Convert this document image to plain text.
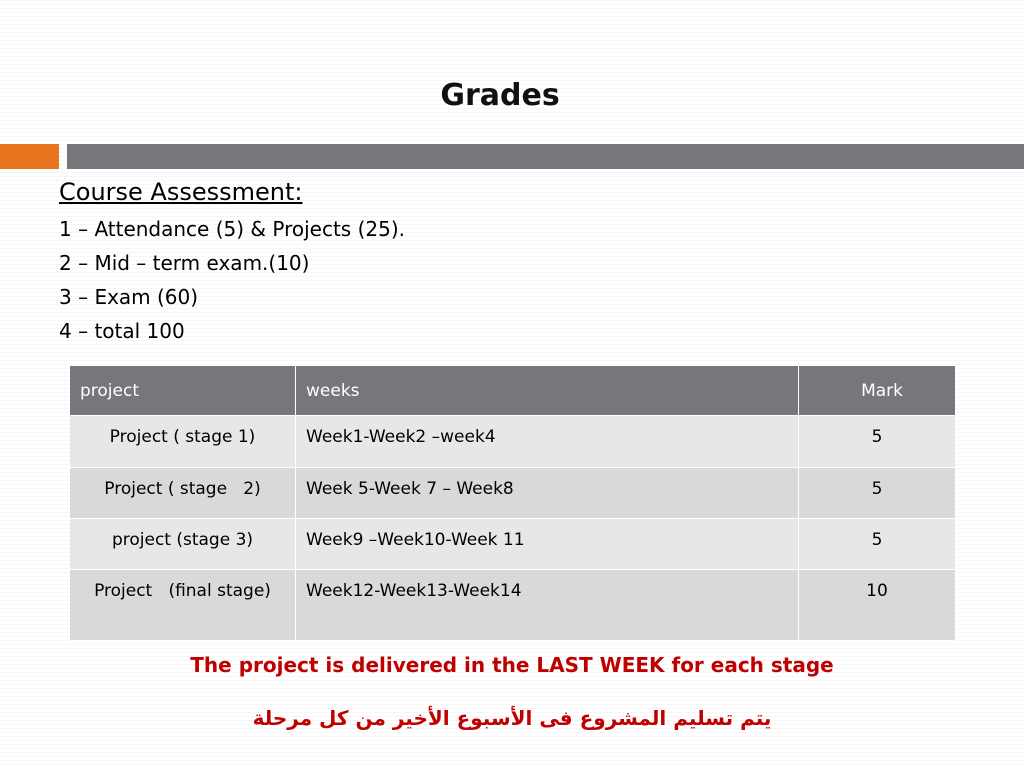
Grades
Course Assessment:
1 – Attendance (5) & Projects (25).
2 – Mid – term exam.(10)
3 – Exam (60)
4 – total 100
project	weeks	Mark
Project ( stage 1)	Week1-Week2 –week4	5
Project ( stage   2)	Week 5-Week 7 – Week8	5
project (stage 3)	Week9 –Week10-Week 11	5
Project   (final stage)	Week12-Week13-Week14	10
The project is delivered in the LAST WEEK for each stage
يتم تسليم المشروع فى الأسبوع الأخير من كل مرحلة
